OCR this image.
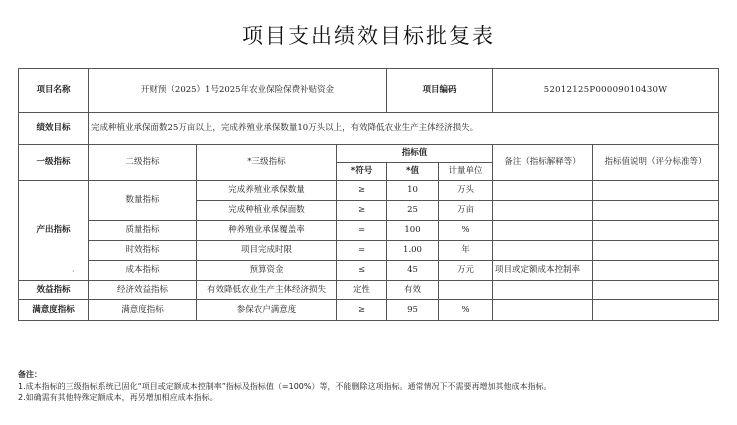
项目支出绩效目标批复表
项目名称	开财预（2025）1号2025年农业保险保费补贴资金			项目编码		52012125P00009010430W	
绩效目标	完成种植业承保面数25万亩以上，完成养殖业承保数量10万头以上，有效降低农业生产主体经济损失。						
一级指标	二级指标	*三级指标	指标值			备注（指标解释等）	指标值说明（评分标准等）
			*符号	*值	计量单位		
产出指标	数量指标	完成养殖业承保数量	≥	10	万头		
		完成种植业承保面数	≥	25	万亩		
	质量指标	种养殖业承保覆盖率	=	100	%		
	时效指标	项目完成时限	=	1.00	年		
	成本指标	预算资金	≤	45	万元	项目或定额成本控制率	
效益指标	经济效益指标	有效降低农业生产主体经济损失	定性	有效			
满意度指标	满意度指标	参保农户满意度	≥	95	%		
·
备注：
1.成本指标的三级指标系统已固化“项目或定额成本控制率”指标及指标值（=100%）等，不能删除这项指标。通常情况下不需要再增加其他成本指标。
2.如确需有其他特殊定额成本，再另增加相应成本指标。
